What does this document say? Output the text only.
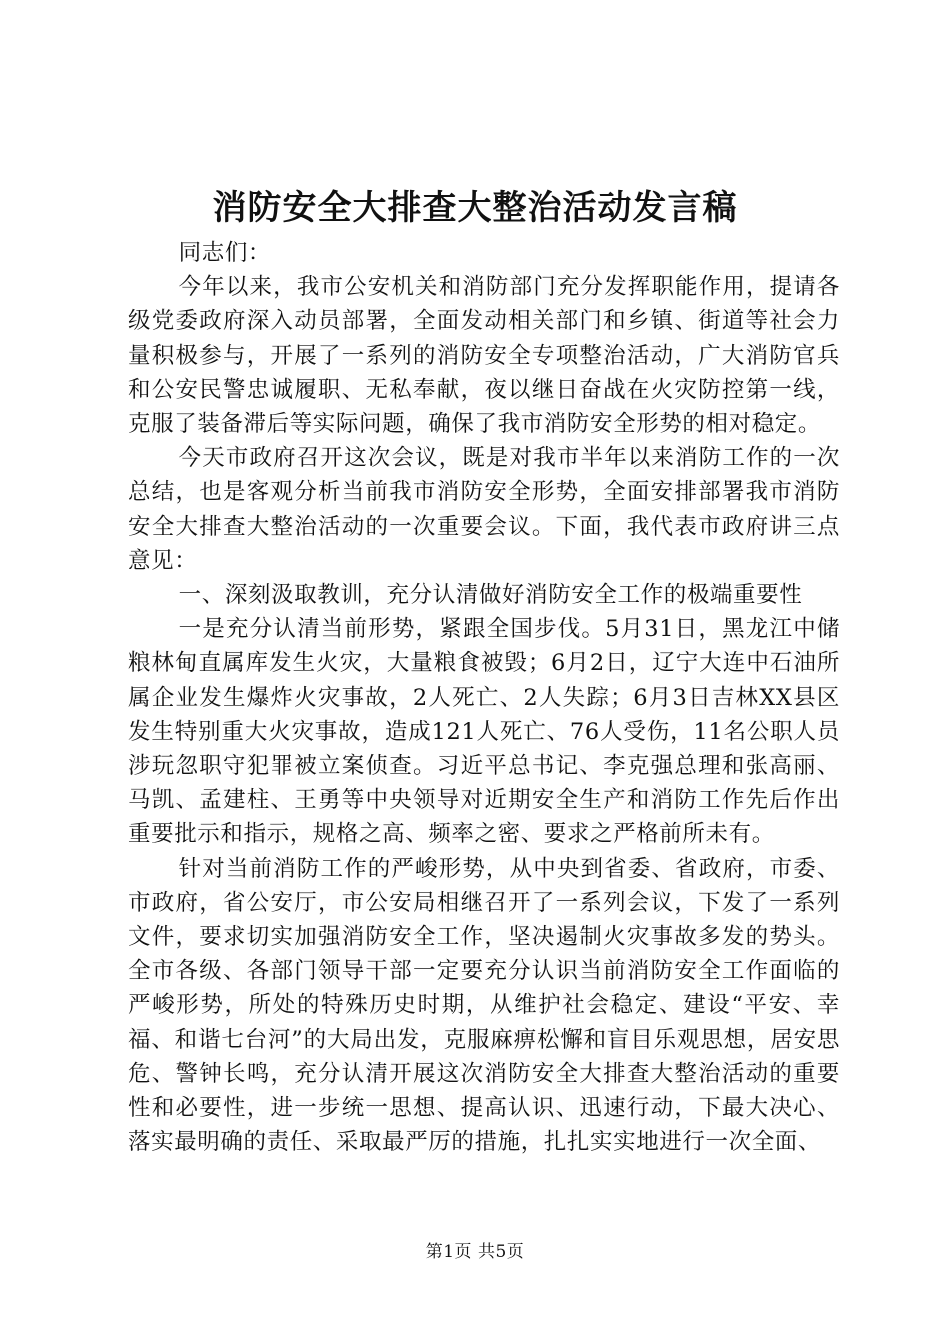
消防安全大排查大整治活动发言稿

同志们：

今年以来，我市公安机关和消防部门充分发挥职能作用，提请各级党委政府深入动员部署，全面发动相关部门和乡镇、街道等社会力量积极参与，开展了一系列的消防安全专项整治活动，广大消防官兵和公安民警忠诚履职、无私奉献，夜以继日奋战在火灾防控第一线，克服了装备滞后等实际问题，确保了我市消防安全形势的相对稳定。

今天市政府召开这次会议，既是对我市半年以来消防工作的一次总结，也是客观分析当前我市消防安全形势，全面安排部署我市消防安全大排查大整治活动的一次重要会议。下面，我代表市政府讲三点意见：

一、深刻汲取教训，充分认清做好消防安全工作的极端重要性

一是充分认清当前形势，紧跟全国步伐。5月31日，黑龙江中储粮林甸直属库发生火灾，大量粮食被毁；6月2日，辽宁大连中石油所属企业发生爆炸火灾事故，2人死亡、2人失踪；6月3日吉林XX县区发生特别重大火灾事故，造成121人死亡、76人受伤，11名公职人员涉玩忽职守犯罪被立案侦查。习近平总书记、李克强总理和张高丽、马凯、孟建柱、王勇等中央领导对近期安全生产和消防工作先后作出重要批示和指示，规格之高、频率之密、要求之严格前所未有。

针对当前消防工作的严峻形势，从中央到省委、省政府，市委、市政府，省公安厅，市公安局相继召开了一系列会议，下发了一系列文件，要求切实加强消防安全工作，坚决遏制火灾事故多发的势头。全市各级、各部门领导干部一定要充分认识当前消防安全工作面临的严峻形势，所处的特殊历史时期，从维护社会稳定、建设“平安、幸福、和谐七台河”的大局出发，克服麻痹松懈和盲目乐观思想，居安思危、警钟长鸣，充分认清开展这次消防安全大排查大整治活动的重要性和必要性，进一步统一思想、提高认识、迅速行动，下最大决心、落实最明确的责任、采取最严厉的措施，扎扎实实地进行一次全面、

第1页 共5页
